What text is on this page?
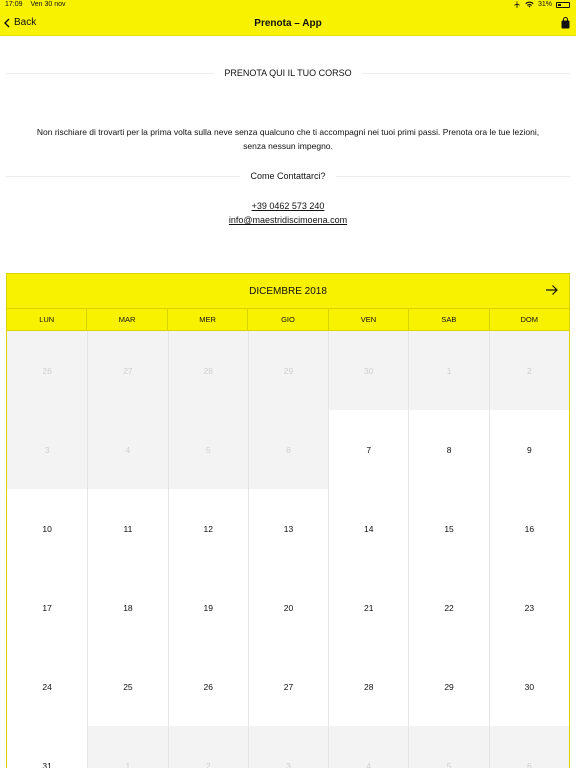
17:09 Ven 30 nov	31%
Back	Prenota – App
PRENOTA QUI IL TUO CORSO
Non rischiare di trovarti per la prima volta sulla neve senza qualcuno che ti accompagni nei tuoi primi passi. Prenota ora le tue lezioni,
senza nessun impegno.
Come Contattarci?
+39 0462 573 240
info@maestridiscimoena.com
DICEMBRE 2018
LUN	MAR	MER	GIO	VEN	SAB	DOM
26	27	28	29	30	1	2
3	4	5	6	7	8	9
10	11	12	13	14	15	16
17	18	19	20	21	22	23
24	25	26	27	28	29	30
31	1	2	3	4	5	6
